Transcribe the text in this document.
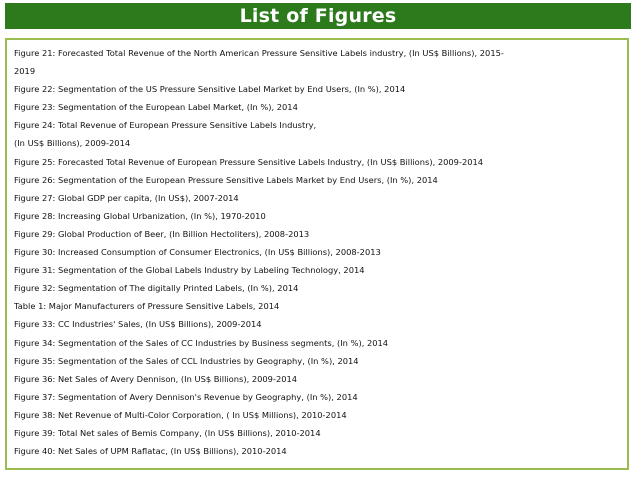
List of Figures
Figure 21: Forecasted Total Revenue of the North American Pressure Sensitive Labels industry, (In US$ Billions), 2015-
2019
Figure 22: Segmentation of the US Pressure Sensitive Label Market by End Users, (In %), 2014
Figure 23: Segmentation of the European Label Market, (In %), 2014
Figure 24: Total Revenue of European Pressure Sensitive Labels Industry,
(In US$ Billions), 2009-2014
Figure 25: Forecasted Total Revenue of European Pressure Sensitive Labels Industry, (In US$ Billions), 2009-2014
Figure 26: Segmentation of the European Pressure Sensitive Labels Market by End Users, (In %), 2014
Figure 27: Global GDP per capita, (In US$), 2007-2014
Figure 28: Increasing Global Urbanization, (In %), 1970-2010
Figure 29: Global Production of Beer, (In Billion Hectoliters), 2008-2013
Figure 30: Increased Consumption of Consumer Electronics, (In US$ Billions), 2008-2013
Figure 31: Segmentation of the Global Labels Industry by Labeling Technology, 2014
Figure 32: Segmentation of The digitally Printed Labels, (In %), 2014
Table 1: Major Manufacturers of Pressure Sensitive Labels, 2014
Figure 33: CC Industries' Sales, (In US$ Billions), 2009-2014
Figure 34: Segmentation of the Sales of CC Industries by Business segments, (In %), 2014
Figure 35: Segmentation of the Sales of CCL Industries by Geography, (In %), 2014
Figure 36: Net Sales of Avery Dennison, (In US$ Billions), 2009-2014
Figure 37: Segmentation of Avery Dennison's Revenue by Geography, (In %), 2014
Figure 38: Net Revenue of Multi-Color Corporation, ( In US$ Millions), 2010-2014
Figure 39: Total Net sales of Bemis Company, (In US$ Billions), 2010-2014
Figure 40: Net Sales of UPM Raflatac, (In US$ Billions), 2010-2014
